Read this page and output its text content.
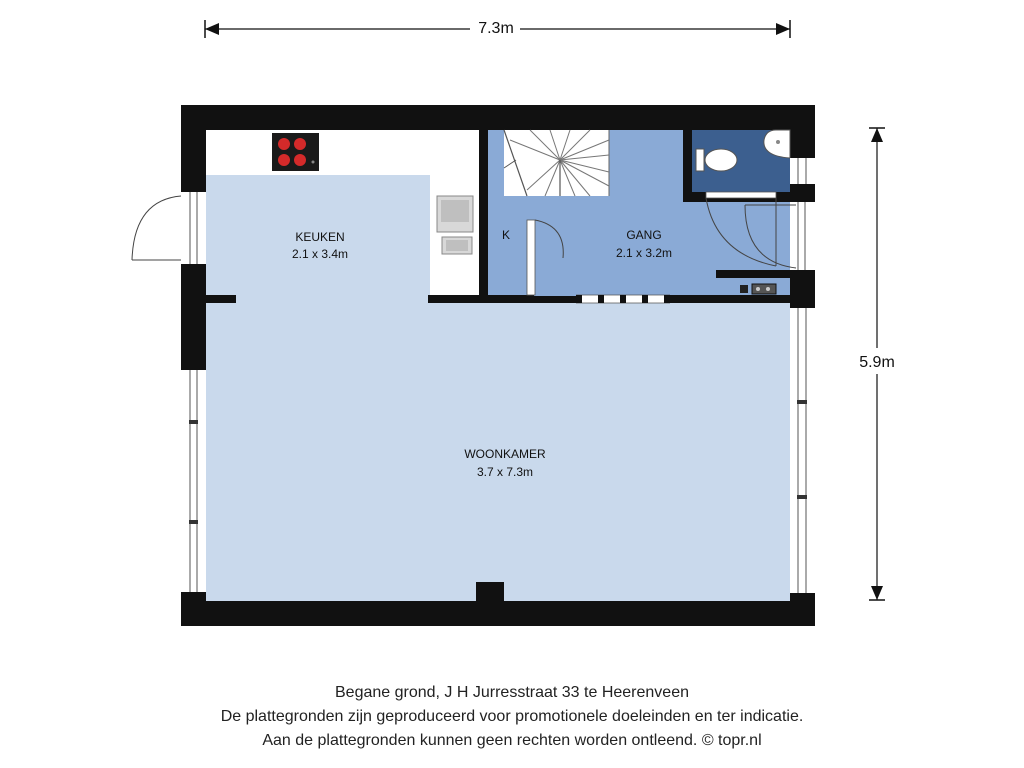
7.3m
5.9m
KEUKEN
2.1 x 3.4m
K	GANG
2.1 x 3.2m
WOONKAMER
3.7 x 7.3m
Begane grond, J H Jurresstraat 33 te Heerenveen
De plattegronden zijn geproduceerd voor promotionele doeleinden en ter indicatie.
Aan de plattegronden kunnen geen rechten worden ontleend. © topr.nl
